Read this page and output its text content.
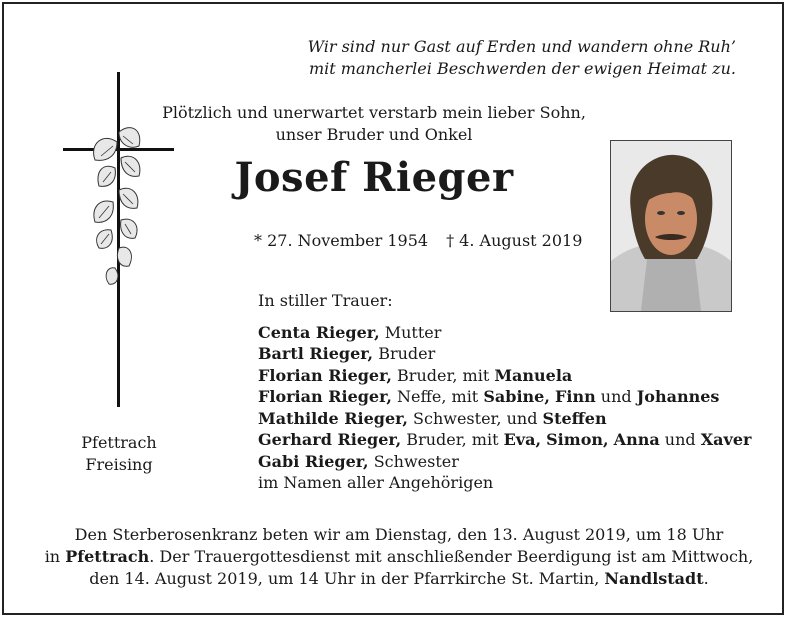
Wir sind nur Gast auf Erden und wandern ohne Ruh’
mit mancherlei Beschwerden der ewigen Heimat zu.
Plötzlich und unerwartet verstarb mein lieber Sohn,
unser Bruder und Onkel
Josef Rieger
* 27. November 1954 † 4. August 2019
In stiller Trauer:
Centa Rieger, Mutter
Bartl Rieger, Bruder
Florian Rieger, Bruder, mit Manuela
Florian Rieger, Neffe, mit Sabine, Finn und Johannes
Mathilde Rieger, Schwester, und Steffen
Gerhard Rieger, Bruder, mit Eva, Simon, Anna und Xaver
Gabi Rieger, Schwester
im Namen aller Angehörigen
Pfettrach
Freising
Den Sterberosenkranz beten wir am Dienstag, den 13. August 2019, um 18 Uhr
in Pfettrach. Der Trauergottesdienst mit anschließender Beerdigung ist am Mittwoch,
den 14. August 2019, um 14 Uhr in der Pfarrkirche St. Martin, Nandlstadt.
